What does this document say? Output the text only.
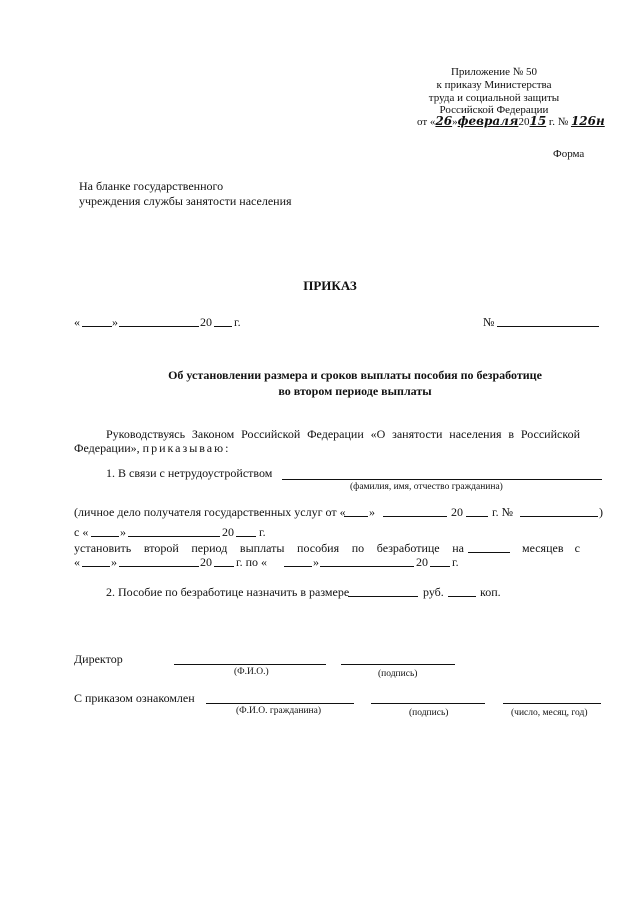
Приложение № 50
к приказу Министерства
труда и социальной защиты
Российской Федерации
от «26»февраля2015 г. № 126н
Форма
На бланке государственного
учреждения службы занятости населения
ПРИКАЗ
«	»	20 г.	№
Об установлении размера и сроков выплаты пособия по безработице
во втором периоде выплаты
Руководствуясь Законом Российской Федерации «О занятости населения в Российской
Федерации», приказываю:
1. В связи с нетрудоустройством
(фамилия, имя, отчество гражданина)
(личное дело получателя государственных услуг от « »	20 г. №	)
с «	»	20 г.
установить второй период выплаты пособия по безработице на	месяцев с
«	»	20 г. по «	»	20 г.
2. Пособие по безработице назначить в размере	руб.	коп.
Директор
(Ф.И.О.)	(подпись)
С приказом ознакомлен
(Ф.И.О. гражданина)	(подпись)	(число, месяц, год)
